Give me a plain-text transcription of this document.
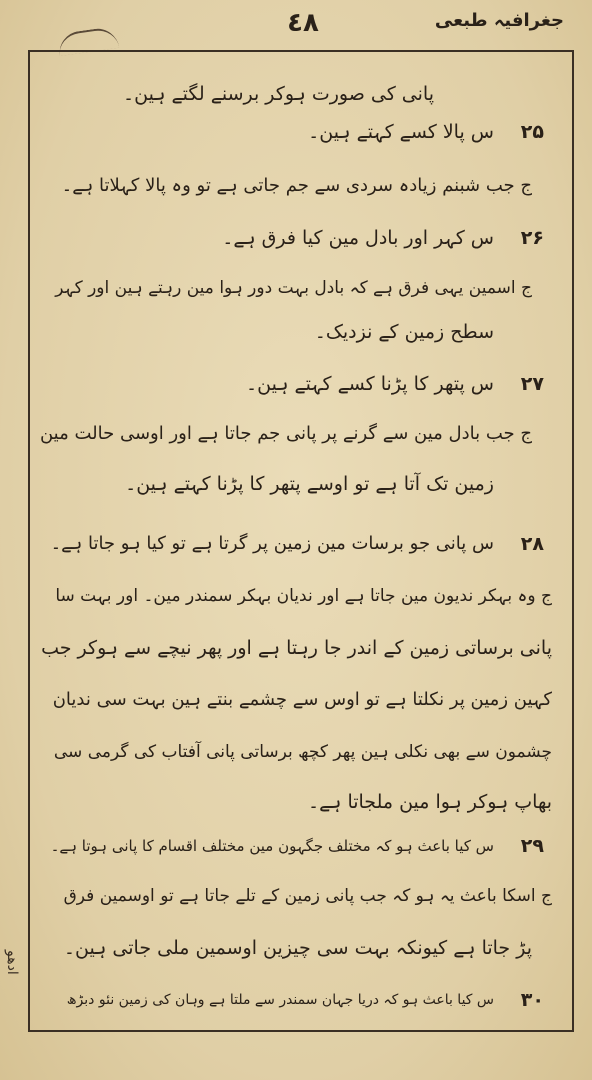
٤٨	جغرافیہ طبعی
ادھو
پانی کی صورت ہوکر برسنے لگتے ہین۔
۲۵
س پالا کسے کہتے ہین۔
ج جب شبنم زیادہ سردی سے جم جاتی ہے تو وہ پالا کہلاتا ہے۔
۲۶
س کہر اور بادل مین کیا فرق ہے۔
ج اسمین یہی فرق ہے کہ بادل بہت دور ہوا مین رہتے ہین اور کہر
سطح زمین کے نزدیک۔
۲۷
س پتھر کا پڑنا کسے کہتے ہین۔
ج جب بادل مین سے گرنے پر پانی جم جاتا ہے اور اوسی حالت مین
زمین تک آتا ہے تو اوسے پتھر کا پڑنا کہتے ہین۔
۲۸
س پانی جو برسات مین زمین پر گرتا ہے تو کیا ہو جاتا ہے۔
ج وہ بہکر ندیون مین جاتا ہے اور ندیان بہکر سمندر مین۔ اور بہت سا
پانی برساتی زمین کے اندر جا رہتا ہے اور پھر نیچے سے ہوکر جب
کہین زمین پر نکلتا ہے تو اوس سے چشمے بنتے ہین بہت سی ندیان
چشمون سے بھی نکلی ہین پھر کچھ برساتی پانی آفتاب کی گرمی سی
بھاپ ہوکر ہوا مین ملجاتا ہے۔
۲۹
س کیا باعث ہو کہ مختلف جگہون مین مختلف اقسام کا پانی ہوتا ہے۔
ج اسکا باعث یہ ہو کہ جب پانی زمین کے تلے جاتا ہے تو اوسمین فرق
پڑ جاتا ہے کیونکہ بہت سی چیزین اوسمین ملی جاتی ہین۔
۳۰
س کیا باعث ہو کہ دریا جہان سمندر سے ملتا ہے وہان کی زمین نئو دبڑھ
